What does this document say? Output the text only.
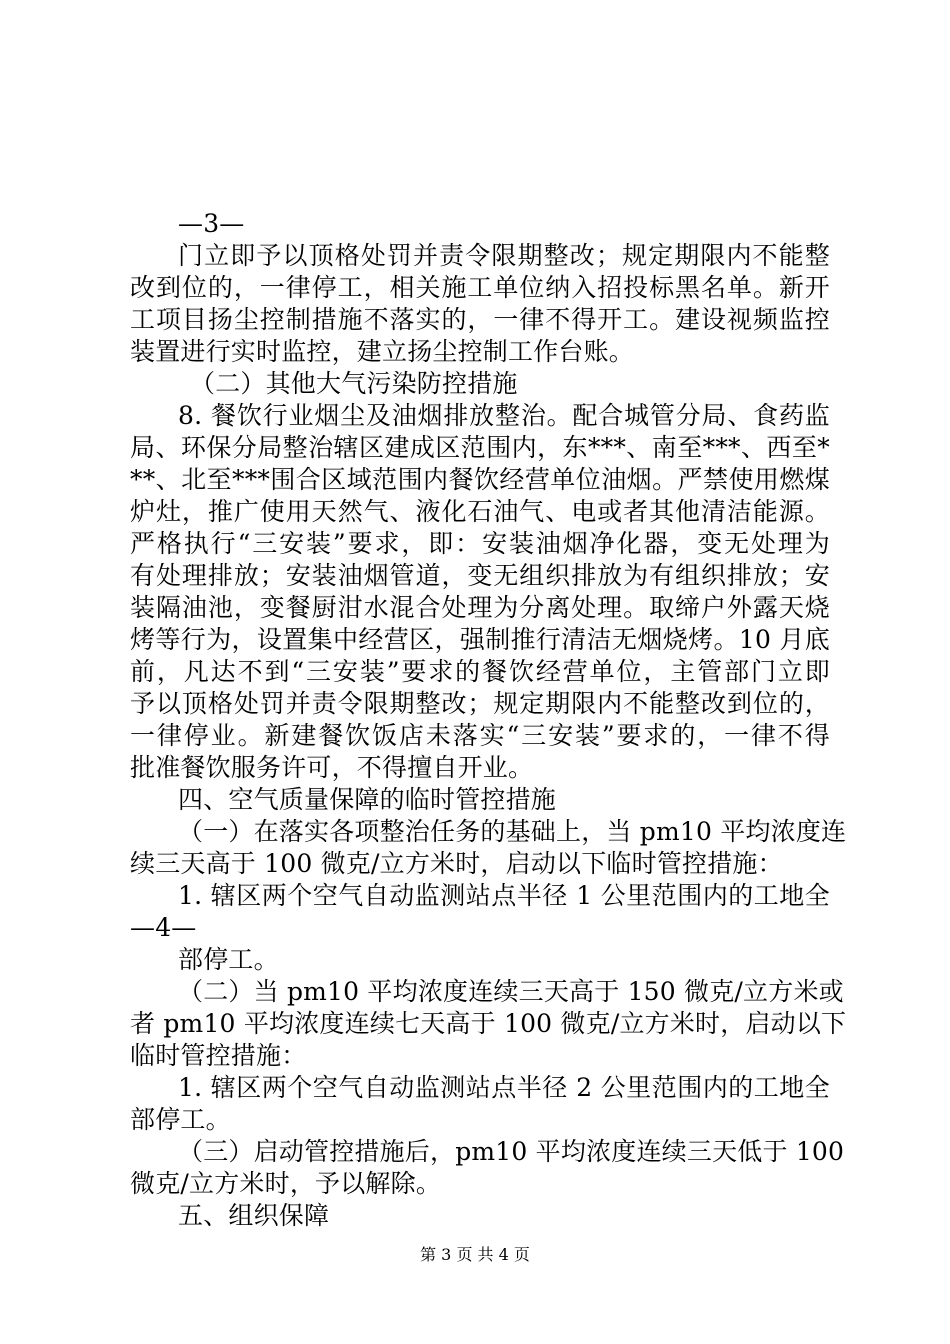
—3—
门立即予以顶格处罚并责令限期整改；规定期限内不能整
改到位的，一律停工，相关施工单位纳入招投标黑名单。新开
工项目扬尘控制措施不落实的，一律不得开工。建设视频监控
装置进行实时监控，建立扬尘控制工作台账。
（二）其他大气污染防控措施
8. 餐饮行业烟尘及油烟排放整治。配合城管分局、食药监
局、环保分局整治辖区建成区范围内，东***、南至***、西至*
**、北至***围合区域范围内餐饮经营单位油烟。严禁使用燃煤
炉灶，推广使用天然气、液化石油气、电或者其他清洁能源。
严格执行“三安装”要求，即：安装油烟净化器，变无处理为
有处理排放；安装油烟管道，变无组织排放为有组织排放；安
装隔油池，变餐厨泔水混合处理为分离处理。取缔户外露天烧
烤等行为，设置集中经营区，强制推行清洁无烟烧烤。10 月底
前，凡达不到“三安装”要求的餐饮经营单位，主管部门立即
予以顶格处罚并责令限期整改；规定期限内不能整改到位的，
一律停业。新建餐饮饭店未落实“三安装”要求的，一律不得
批准餐饮服务许可，不得擅自开业。
四、空气质量保障的临时管控措施
（一）在落实各项整治任务的基础上，当 pm10 平均浓度连
续三天高于 100 微克/立方米时，启动以下临时管控措施：
1. 辖区两个空气自动监测站点半径 1 公里范围内的工地全
—4—
部停工。
（二）当 pm10 平均浓度连续三天高于 150 微克/立方米或
者 pm10 平均浓度连续七天高于 100 微克/立方米时，启动以下
临时管控措施：
1. 辖区两个空气自动监测站点半径 2 公里范围内的工地全
部停工。
（三）启动管控措施后，pm10 平均浓度连续三天低于 100
微克/立方米时，予以解除。
五、组织保障
第 3 页 共 4 页
